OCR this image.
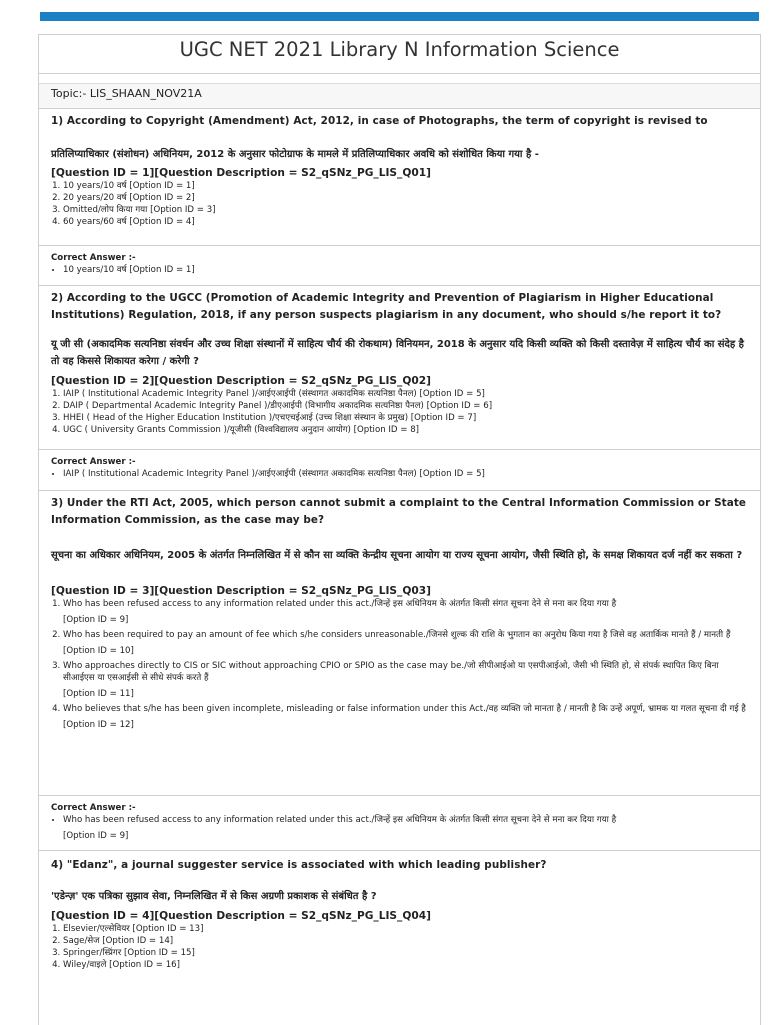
UGC NET 2021 Library N Information Science
Topic:- LIS_SHAAN_NOV21A
1) According to Copyright (Amendment) Act, 2012, in case of Photographs, the term of copyright is revised to
प्रतिलिप्याधिकार (संशोधन) अधिनियम, 2012 के अनुसार फोटोग्राफ के मामले में प्रतिलिप्याधिकार अवधि को संशोधित किया गया है -
[Question ID = 1][Question Description = S2_qSNz_PG_LIS_Q01]
1. 10 years/10 वर्ष [Option ID = 1]
2. 20 years/20 वर्ष [Option ID = 2]
3. Omitted/लोप किया गया [Option ID = 3]
4. 60 years/60 वर्ष [Option ID = 4]
Correct Answer :-
• 10 years/10 वर्ष [Option ID = 1]
2) According to the UGCC (Promotion of Academic Integrity and Prevention of Plagiarism in Higher Educational Institutions) Regulation, 2018, if any person suspects plagiarism in any document, who should s/he report it to?
यू जी सी (अकादमिक सत्यनिष्ठा संवर्धन और उच्च शिक्षा संस्थानों में साहित्य चौर्य की रोकथाम) विनियमन, 2018 के अनुसार यदि किसी व्यक्ति को किसी दस्तावेज़ में साहित्य चौर्य का संदेह है तो वह किससे शिकायत करेगा / करेगी ?
[Question ID = 2][Question Description = S2_qSNz_PG_LIS_Q02]
1. IAIP ( Institutional Academic Integrity Panel )/आईएआईपी (संस्थागत अकादमिक सत्यनिष्ठा पैनल) [Option ID = 5]
2. DAIP ( Departmental Academic Integrity Panel )/डीएआईपी (विभागीय अकादमिक सत्यनिष्ठा पैनल) [Option ID = 6]
3. HHEI ( Head of the Higher Education Institution )/एचएचईआई (उच्च शिक्षा संस्थान के प्रमुख) [Option ID = 7]
4. UGC ( University Grants Commission )/यूजीसी (विश्वविद्यालय अनुदान आयोग) [Option ID = 8]
Correct Answer :-
• IAIP ( Institutional Academic Integrity Panel )/आईएआईपी (संस्थागत अकादमिक सत्यनिष्ठा पैनल) [Option ID = 5]
3) Under the RTI Act, 2005, which person cannot submit a complaint to the Central Information Commission or State Information Commission, as the case may be?
सूचना का अधिकार अधिनियम, 2005 के अंतर्गत निम्नलिखित में से कौन सा व्यक्ति केन्द्रीय सूचना आयोग या राज्य सूचना आयोग, जैसी स्थिति हो, के समक्ष शिकायत दर्ज नहीं कर सकता ?
[Question ID = 3][Question Description = S2_qSNz_PG_LIS_Q03]
1. Who has been refused access to any information related under this act./जिन्हें इस अधिनियम के अंतर्गत किसी संगत सूचना देने से मना कर दिया गया है
[Option ID = 9]
2. Who has been required to pay an amount of fee which s/he considers unreasonable./जिनसे शुल्क की राशि के भुगतान का अनुरोध किया गया है जिसे वह अतार्किक मानते हैं / मानती हैं
[Option ID = 10]
3. Who approaches directly to CIS or SIC without approaching CPIO or SPIO as the case may be./जो सीपीआईओ या एसपीआईओ, जैसी भी स्थिति हो, से संपर्क स्थापित किए बिना सीआईएस या एसआईसी से सीधे संपर्क करते हैं
[Option ID = 11]
4. Who believes that s/he has been given incomplete, misleading or false information under this Act./वह व्यक्ति जो मानता है / मानती है कि उन्हें अपूर्ण, भ्रामक या गलत सूचना दी गई है
[Option ID = 12]
Correct Answer :-
• Who has been refused access to any information related under this act./जिन्हें इस अधिनियम के अंतर्गत किसी संगत सूचना देने से मना कर दिया गया है
[Option ID = 9]
4) "Edanz", a journal suggester service is associated with which leading publisher?
'एडेन्ज़' एक पत्रिका सुझाव सेवा, निम्नलिखित में से किस अग्रणी प्रकाशक से संबंधित है ?
[Question ID = 4][Question Description = S2_qSNz_PG_LIS_Q04]
1. Elsevier/एल्सेवियर [Option ID = 13]
2. Sage/सेज [Option ID = 14]
3. Springer/स्प्रिंगर [Option ID = 15]
4. Wiley/वाइले [Option ID = 16]
